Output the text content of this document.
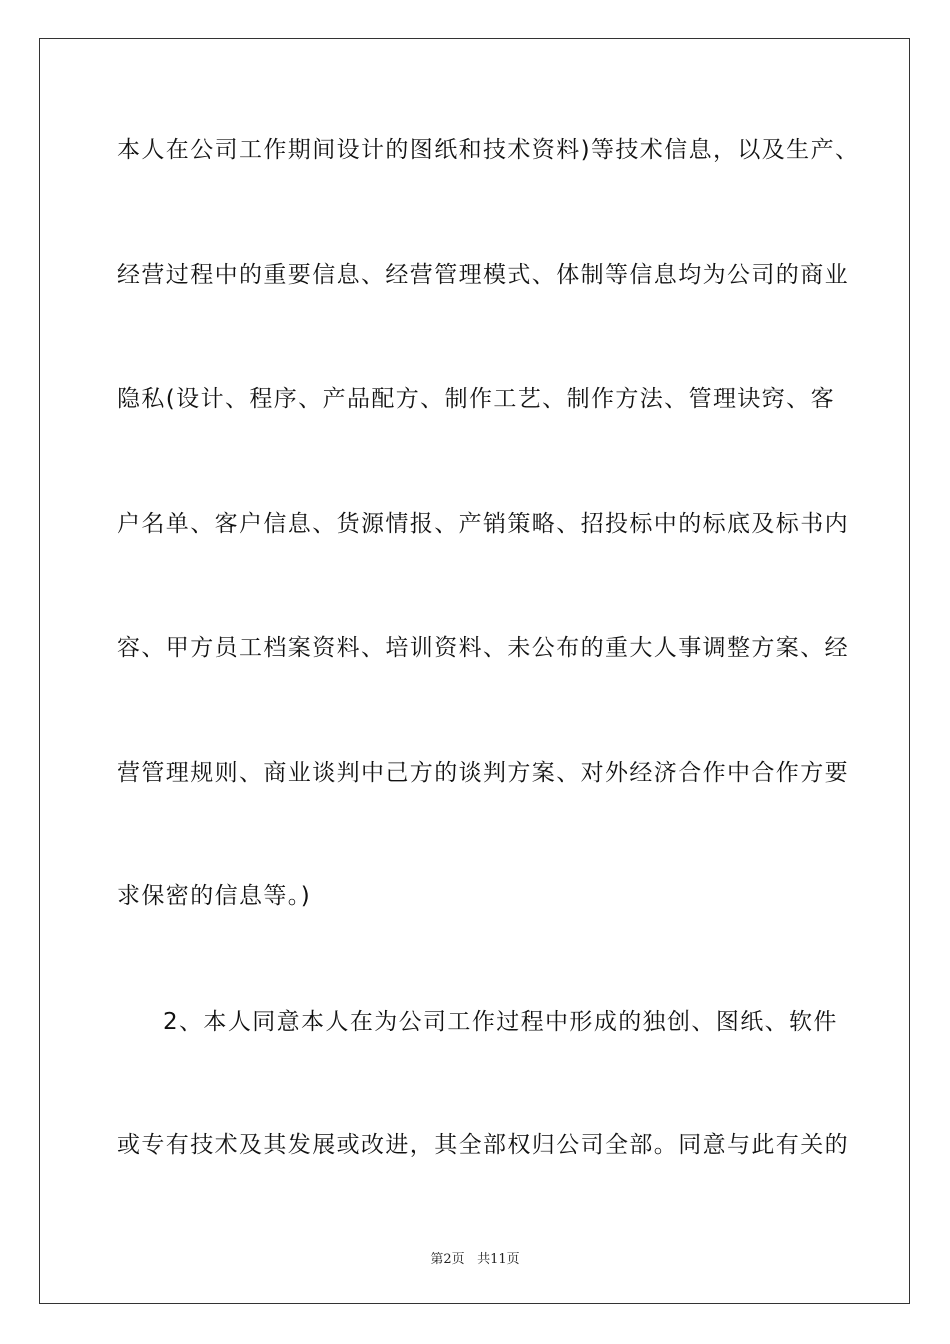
本人在公司工作期间设计的图纸和技术资料)等技术信息，以及生产、
经营过程中的重要信息、经营管理模式、体制等信息均为公司的商业
隐私(设计、程序、产品配方、制作工艺、制作方法、管理诀窍、客
户名单、客户信息、货源情报、产销策略、招投标中的标底及标书内
容、甲方员工档案资料、培训资料、未公布的重大人事调整方案、经
营管理规则、商业谈判中己方的谈判方案、对外经济合作中合作方要
求保密的信息等。)
2、本人同意本人在为公司工作过程中形成的独创、图纸、软件
或专有技术及其发展或改进，其全部权归公司全部。同意与此有关的
第2页 共11页
